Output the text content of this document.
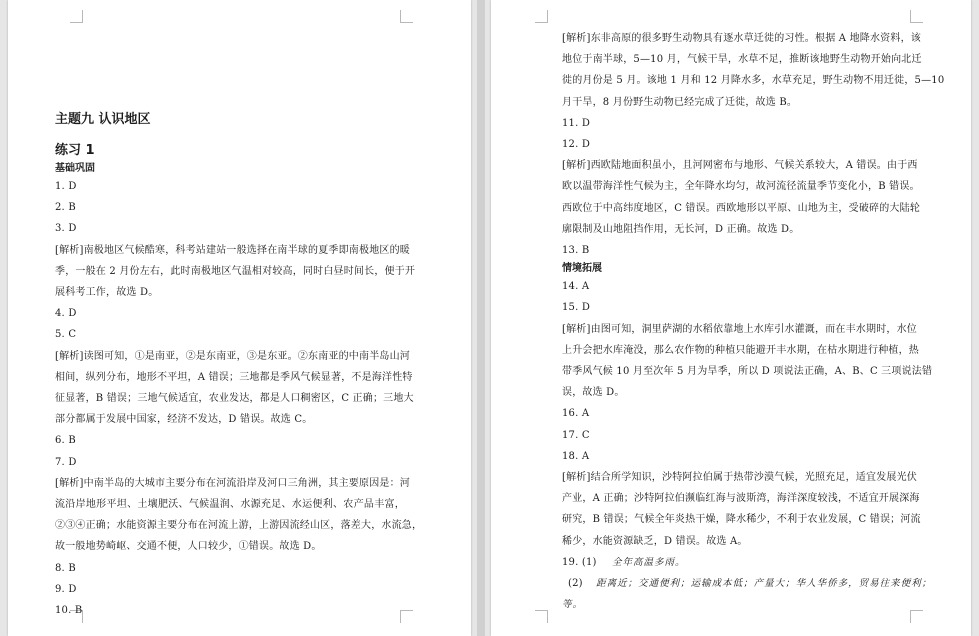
主题九 认识地区
练习 1
基础巩固
1. D
2. B
3. D
[解析]南极地区气候酷寒，科考站建站一般选择在南半球的夏季即南极地区的暖
季，一般在 2 月份左右，此时南极地区气温相对较高，同时白昼时间长，便于开
展科考工作，故选 D。
4. D
5. C
[解析]读图可知，①是南亚，②是东南亚，③是东亚。②东南亚的中南半岛山河
相间，纵列分布，地形不平坦，A 错误；三地都是季风气候显著，不是海洋性特
征显著，B 错误；三地气候适宜，农业发达，都是人口稠密区，C 正确；三地大
部分都属于发展中国家，经济不发达，D 错误。故选 C。
6. B
7. D
[解析]中南半岛的大城市主要分布在河流沿岸及河口三角洲，其主要原因是：河
流沿岸地形平坦、土壤肥沃、气候温润、水源充足、水运便利、农产品丰富，
②③④正确；水能资源主要分布在河流上游，上游因流经山区，落差大，水流急，
故一般地势崎岖、交通不便，人口较少，①错误。故选 D。
8. B
9. D
10. B
[解析]东非高原的很多野生动物具有逐水草迁徙的习性。根据 A 地降水资料，该
地位于南半球，5—10 月，气候干旱，水草不足，推断该地野生动物开始向北迁
徙的月份是 5 月。该地 1 月和 12 月降水多，水草充足，野生动物不用迁徙，5—10
月干旱，8 月份野生动物已经完成了迁徙，故选 B。
11. D
12. D
[解析]西欧陆地面积虽小，且河网密布与地形、气候关系较大，A 错误。由于西
欧以温带海洋性气候为主，全年降水均匀，故河流径流量季节变化小，B 错误。
西欧位于中高纬度地区，C 错误。西欧地形以平原、山地为主，受破碎的大陆轮
廓限制及山地阻挡作用，无长河，D 正确。故选 D。
13. B
情境拓展
14. A
15. D
[解析]由图可知，洞里萨湖的水稻依靠地上水库引水灌溉，而在丰水期时，水位
上升会把水库淹没，那么农作物的种植只能避开丰水期，在枯水期进行种植，热
带季风气候 10 月至次年 5 月为旱季，所以 D 项说法正确，A、B、C 三项说法错
误，故选 D。
16. A
17. C
18. A
[解析]结合所学知识，沙特阿拉伯属于热带沙漠气候，光照充足，适宜发展光伏
产业，A 正确；沙特阿拉伯濒临红海与波斯湾，海洋深度较浅，不适宜开展深海
研究，B 错误；气候全年炎热干燥，降水稀少，不利于农业发展，C 错误；河流
稀少，水能资源缺乏，D 错误。故选 A。
19. (1) 全年高温多雨。
(2) 距离近；交通便利；运输成本低；产量大；华人华侨多，贸易往来便利；
等。
